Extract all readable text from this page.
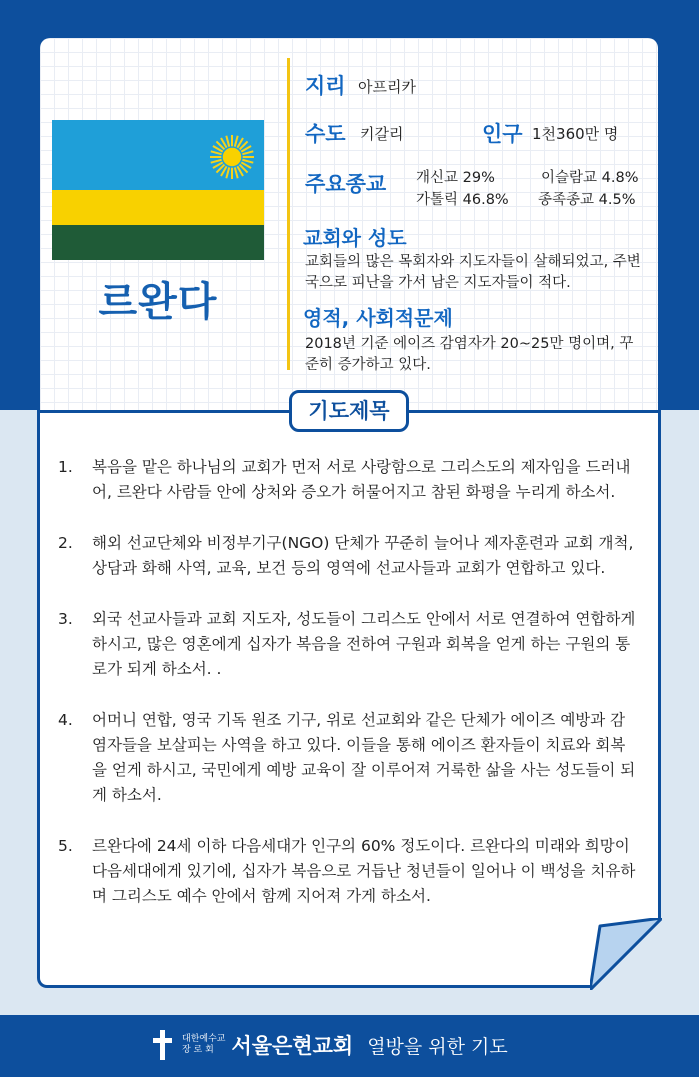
르완다
지리 아프리카
수도 키갈리	인구 1천360만 명
주요종교 개신교 29%	이슬람교 4.8%
가톨릭 46.8% 종족종교 4.5%
교회와 성도
교회들의 많은 목회자와 지도자들이 살해되었고, 주변국으로 피난을 가서 남은 지도자들이 적다.
영적, 사회적문제
2018년 기준 에이즈 감염자가 20~25만 명이며, 꾸준히 증가하고 있다.
기도제목
1. 복음을 맡은 하나님의 교회가 먼저 서로 사랑함으로 그리스도의 제자임을 드러내어, 르완다 사람들 안에 상처와 증오가 허물어지고 참된 화평을 누리게 하소서.
2. 해외 선교단체와 비정부기구(NGO) 단체가 꾸준히 늘어나 제자훈련과 교회 개척, 상담과 화해 사역, 교육, 보건 등의 영역에 선교사들과 교회가 연합하고 있다.
3. 외국 선교사들과 교회 지도자, 성도들이 그리스도 안에서 서로 연결하여 연합하게 하시고, 많은 영혼에게 십자가 복음을 전하여 구원과 회복을 얻게 하는 구원의 통로가 되게 하소서. .
4. 어머니 연합, 영국 기독 원조 기구, 위로 선교회와 같은 단체가 에이즈 예방과 감염자들을 보살피는 사역을 하고 있다. 이들을 통해 에이즈 환자들이 치료와 회복을 얻게 하시고, 국민에게 예방 교육이 잘 이루어져 거룩한 삶을 사는 성도들이 되게 하소서.
5. 르완다에 24세 이하 다음세대가 인구의 60% 정도이다. 르완다의 미래와 희망이 다음세대에게 있기에, 십자가 복음으로 거듭난 청년들이 일어나 이 백성을 치유하며 그리스도 예수 안에서 함께 지어져 가게 하소서.
대한예수교
장 로 회 서울은현교회 열방을 위한 기도
